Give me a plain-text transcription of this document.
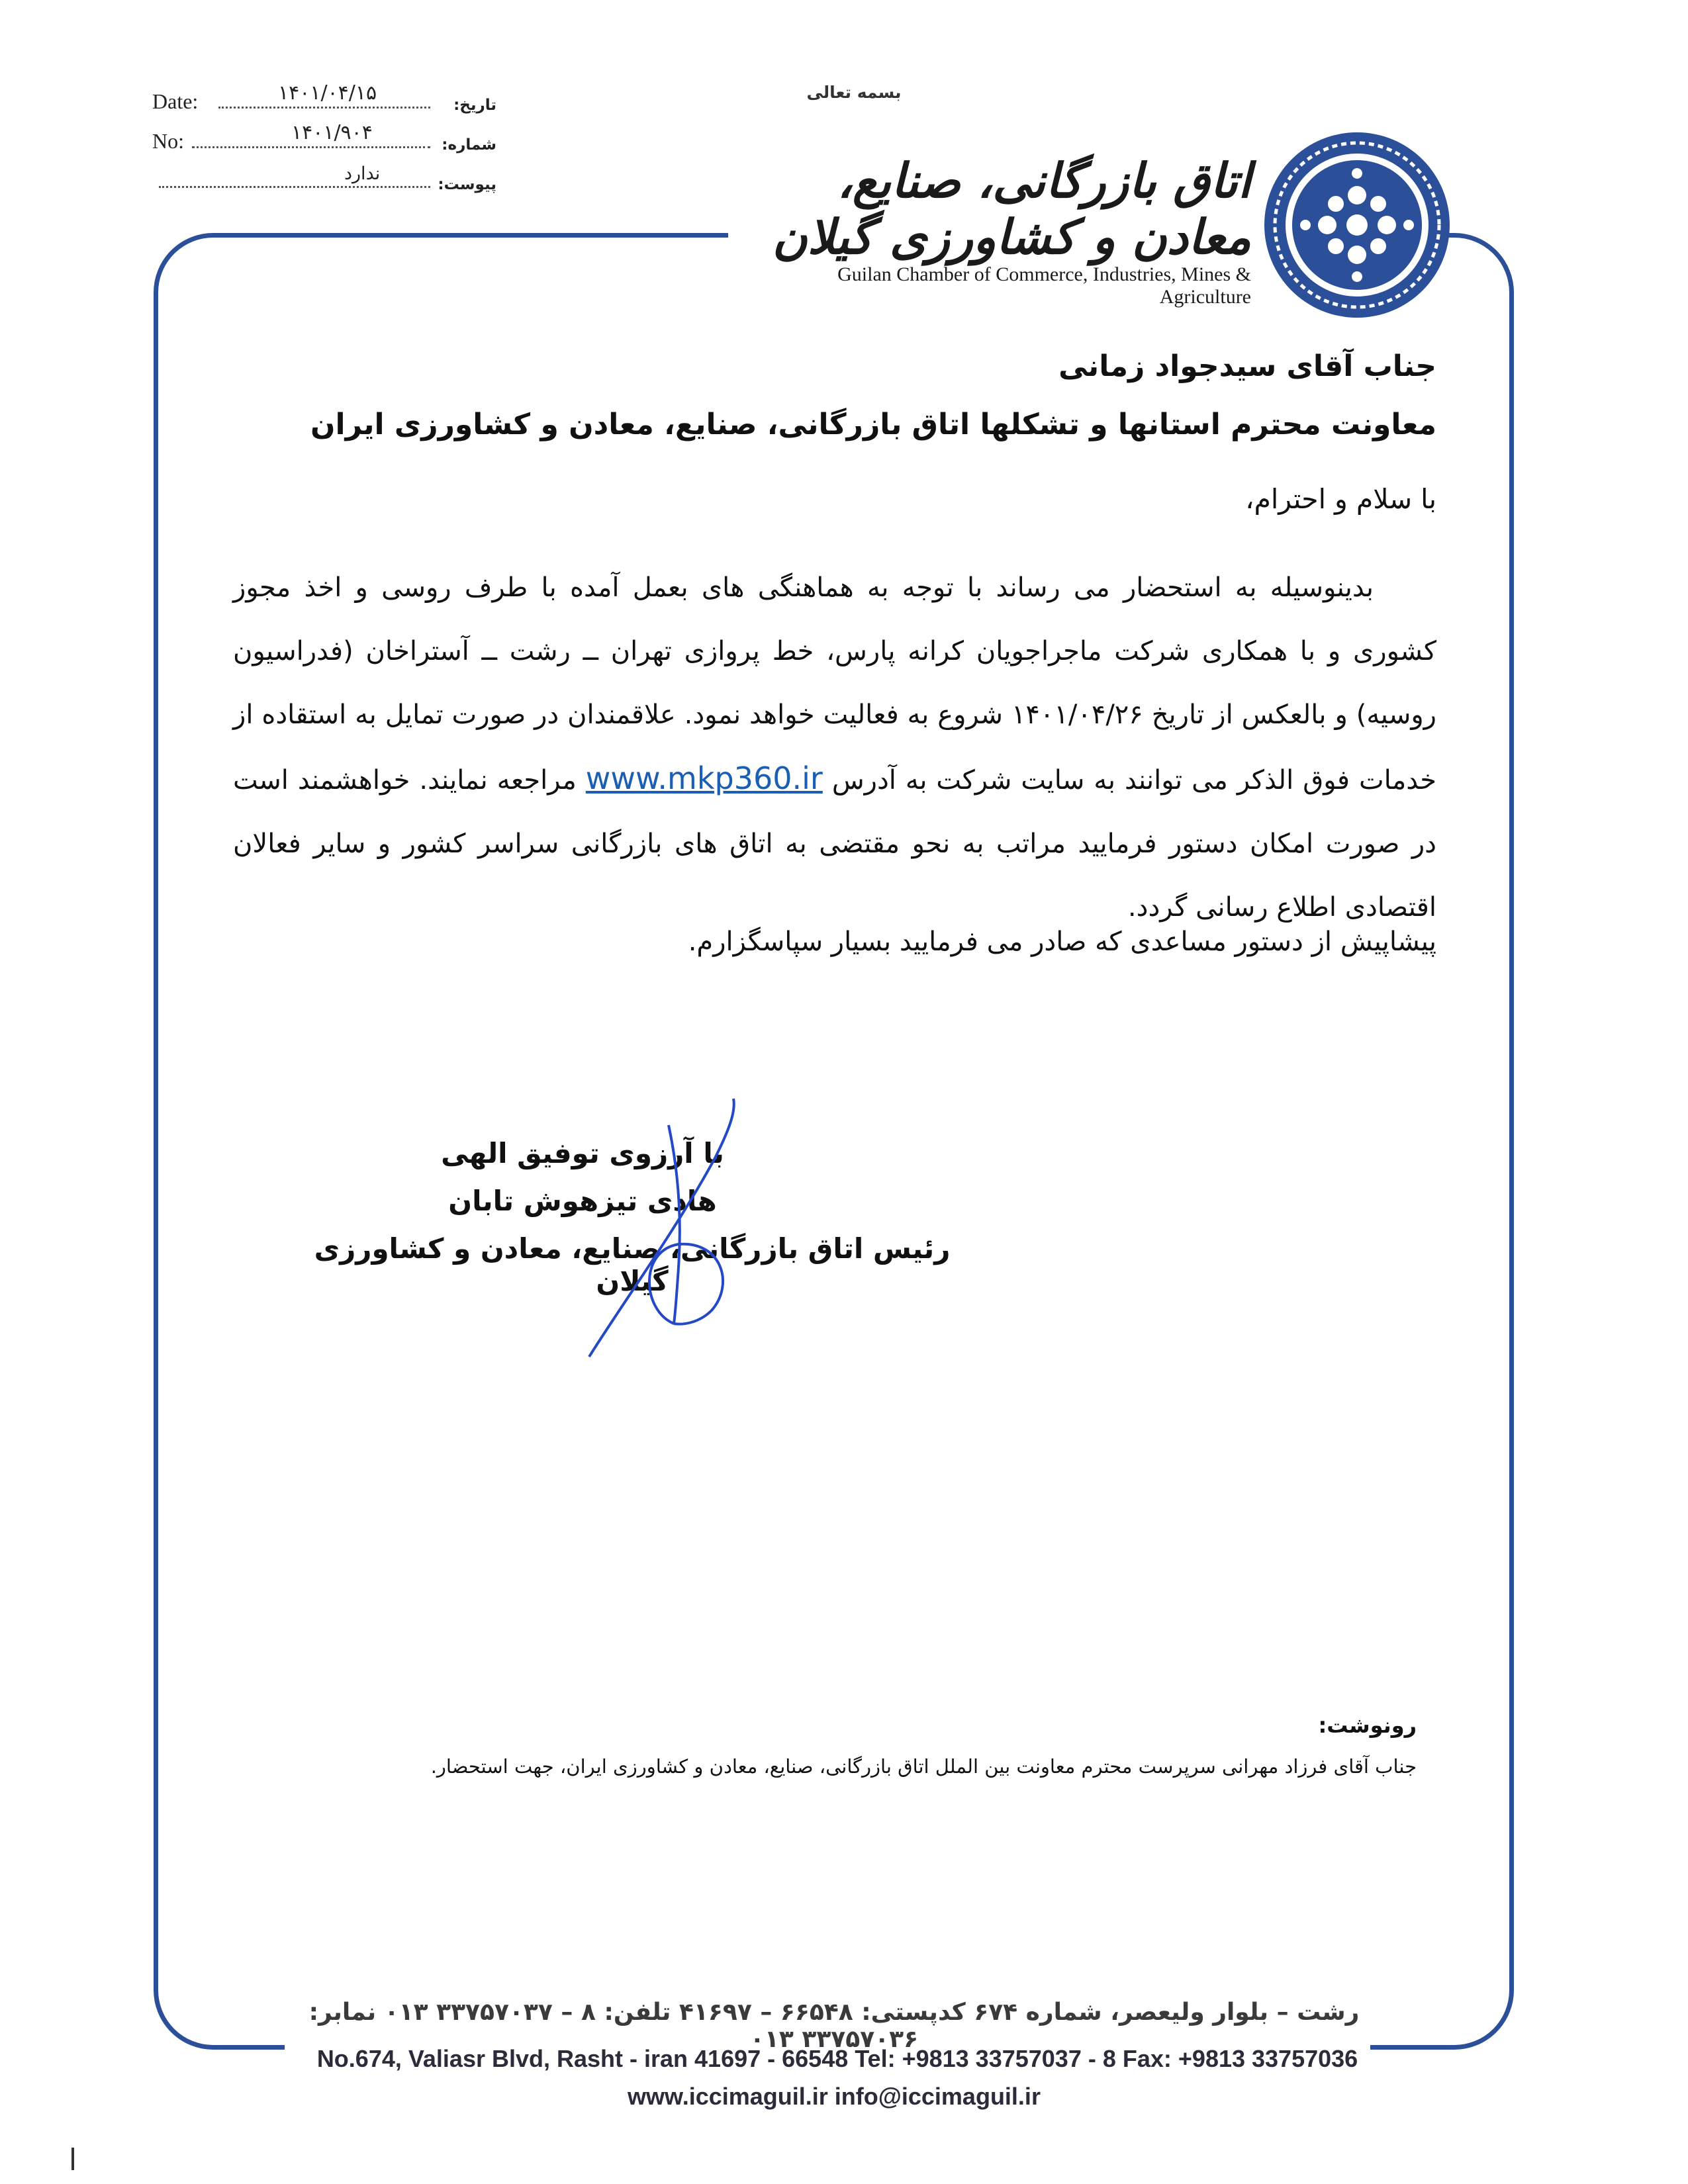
Date:	۱۴۰۱/۰۴/۱۵
تاریخ:
No:	۱۴۰۱/۹۰۴
شماره:
ندارد
پیوست:
بسمه تعالی
اتاق بازرگانی، صنایع، معادن و کشاورزی گیلان
Guilan Chamber of Commerce, Industries, Mines & Agriculture
جناب آقای سیدجواد زمانی
معاونت محترم استانها و تشکلها اتاق بازرگانی، صنایع، معادن و کشاورزی ایران
با سلام و احترام،
بدینوسیله به استحضار می رساند با توجه به هماهنگی های بعمل آمده با طرف روسی و اخذ مجوز کشوری و با همکاری شرکت ماجراجویان کرانه پارس، خط پروازی تهران ــ رشت ــ آستراخان (فدراسیون روسیه) و بالعکس از تاریخ ۱۴۰۱/۰۴/۲۶ شروع به فعالیت خواهد نمود. علاقمندان در صورت تمایل به استقاده از خدمات فوق الذکر می توانند به سایت شرکت به آدرس www.mkp360.ir مراجعه نمایند. خواهشمند است در صورت امکان دستور فرمایید مراتب به نحو مقتضی به اتاق های بازرگانی سراسر کشور و سایر فعالان اقتصادی اطلاع رسانی گردد.
پیشاپیش از دستور مساعدی که صادر می فرمایید بسیار سپاسگزارم.
با آرزوی توفیق الهی
هادی تیزهوش تابان
رئیس اتاق بازرگانی، صنایع، معادن و کشاورزی گیلان
رونوشت:
جناب آقای فرزاد مهرانی سرپرست محترم معاونت بین الملل اتاق بازرگانی، صنایع، معادن و کشاورزی ایران، جهت استحضار.
رشت – بلوار ولیعصر، شماره ۶۷۴ کدپستی: ۶۶۵۴۸ – ۴۱۶۹۷ تلفن: ۸ – ۳۳۷۵۷۰۳۷ ۰۱۳ نمابر: ۳۳۷۵۷۰۳۶ ۰۱۳
No.674, Valiasr Blvd, Rasht - iran 41697 - 66548 Tel: +9813 33757037 - 8 Fax: +9813 33757036
www.iccimaguil.ir info@iccimaguil.ir
